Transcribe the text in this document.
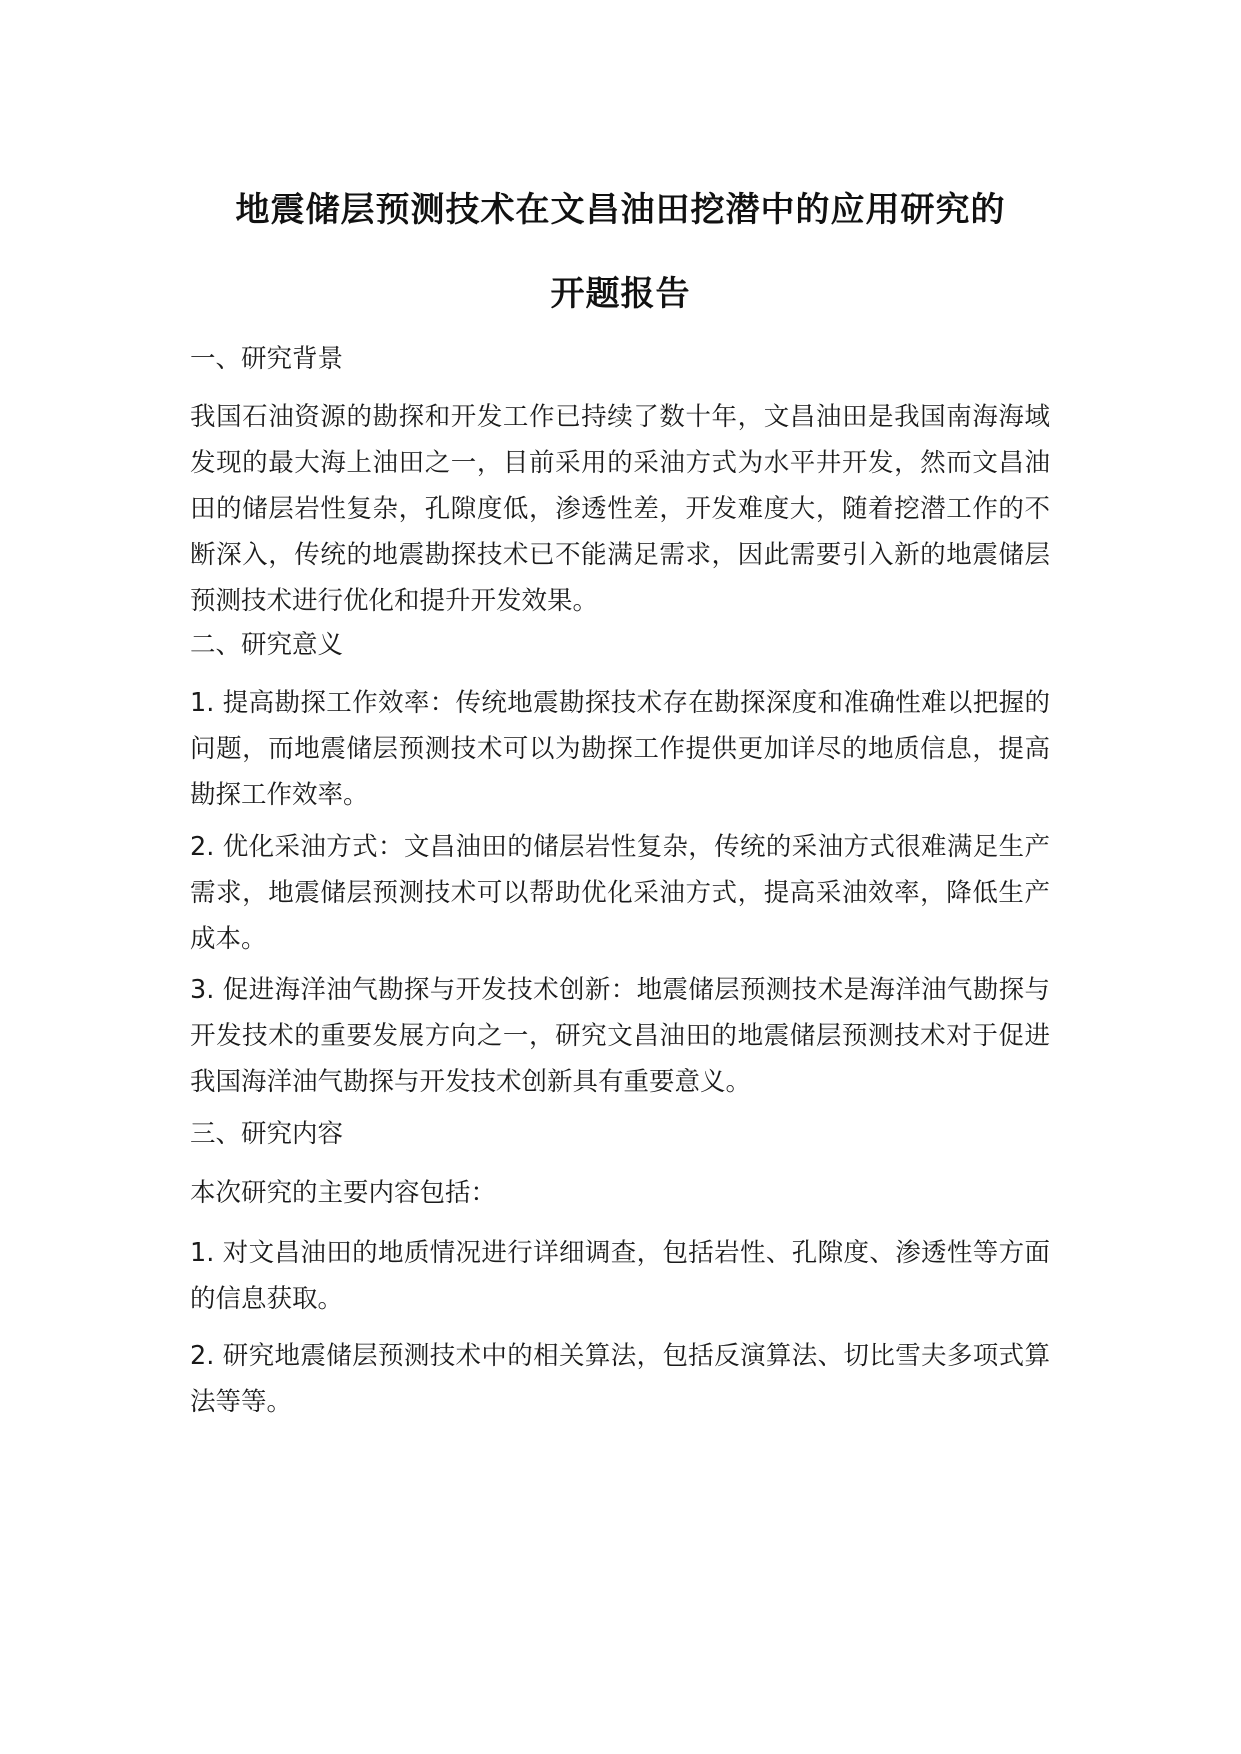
地震储层预测技术在文昌油田挖潜中的应用研究的
开题报告
一、研究背景
我国石油资源的勘探和开发工作已持续了数十年，文昌油田是我国南海海域发现的最大海上油田之一，目前采用的采油方式为水平井开发，然而文昌油田的储层岩性复杂，孔隙度低，渗透性差，开发难度大，随着挖潜工作的不断深入，传统的地震勘探技术已不能满足需求，因此需要引入新的地震储层预测技术进行优化和提升开发效果。
二、研究意义
1. 提高勘探工作效率：传统地震勘探技术存在勘探深度和准确性难以把握的问题，而地震储层预测技术可以为勘探工作提供更加详尽的地质信息，提高勘探工作效率。
2. 优化采油方式：文昌油田的储层岩性复杂，传统的采油方式很难满足生产需求，地震储层预测技术可以帮助优化采油方式，提高采油效率，降低生产成本。
3. 促进海洋油气勘探与开发技术创新：地震储层预测技术是海洋油气勘探与开发技术的重要发展方向之一，研究文昌油田的地震储层预测技术对于促进我国海洋油气勘探与开发技术创新具有重要意义。
三、研究内容
本次研究的主要内容包括：
1. 对文昌油田的地质情况进行详细调查，包括岩性、孔隙度、渗透性等方面的信息获取。
2. 研究地震储层预测技术中的相关算法，包括反演算法、切比雪夫多项式算法等等。
